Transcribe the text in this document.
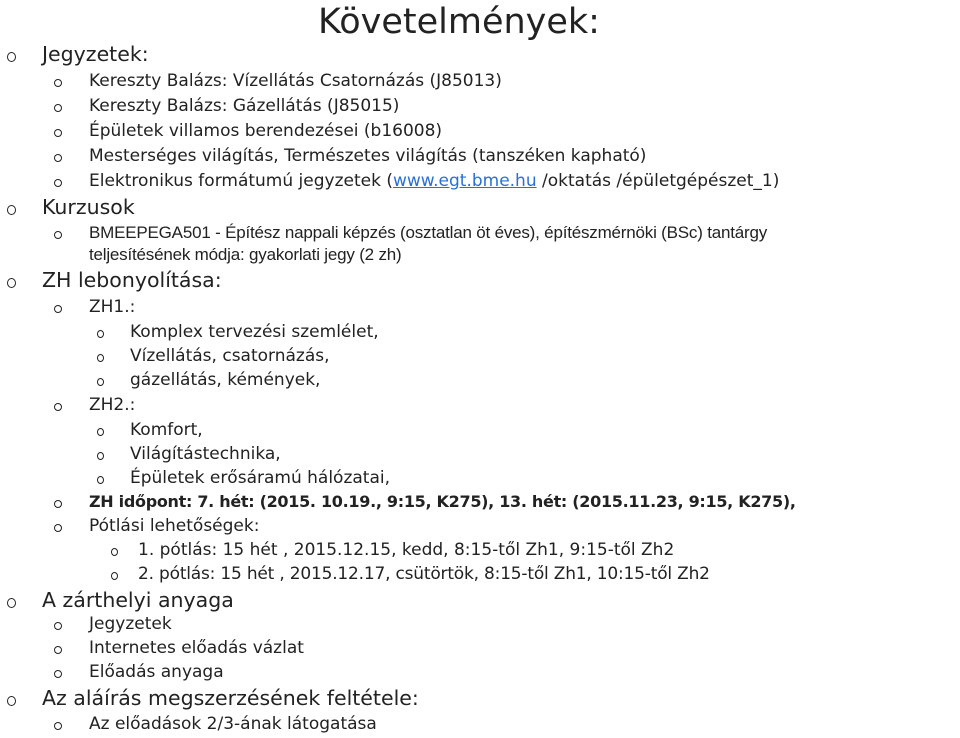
Követelmények:
Jegyzetek:
Kereszty Balázs: Vízellátás Csatornázás (J85013)
Kereszty Balázs: Gázellátás (J85015)
Épületek villamos berendezései (b16008)
Mesterséges világítás, Természetes világítás (tanszéken kapható)
Elektronikus formátumú jegyzetek (www.egt.bme.hu /oktatás /épületgépészet_1)
Kurzusok
BMEEPEGA501 - Építész nappali képzés (osztatlan öt éves), építészmérnöki (BSc) tantárgy
teljesítésének módja: gyakorlati jegy (2 zh)
ZH lebonyolítása:
ZH1.:
Komplex tervezési szemlélet,
Vízellátás, csatornázás,
gázellátás, kémények,
ZH2.:
Komfort,
Világítástechnika,
Épületek erősáramú hálózatai,
ZH időpont: 7. hét: (2015. 10.19., 9:15, K275), 13. hét: (2015.11.23, 9:15, K275),
Pótlási lehetőségek:
1. pótlás: 15 hét , 2015.12.15, kedd, 8:15-től Zh1, 9:15-től Zh2
2. pótlás: 15 hét , 2015.12.17, csütörtök, 8:15-től Zh1, 10:15-től Zh2
A zárthelyi anyaga
Jegyzetek
Internetes előadás vázlat
Előadás anyaga
Az aláírás megszerzésének feltétele:
Az előadások 2/3-ának látogatása
